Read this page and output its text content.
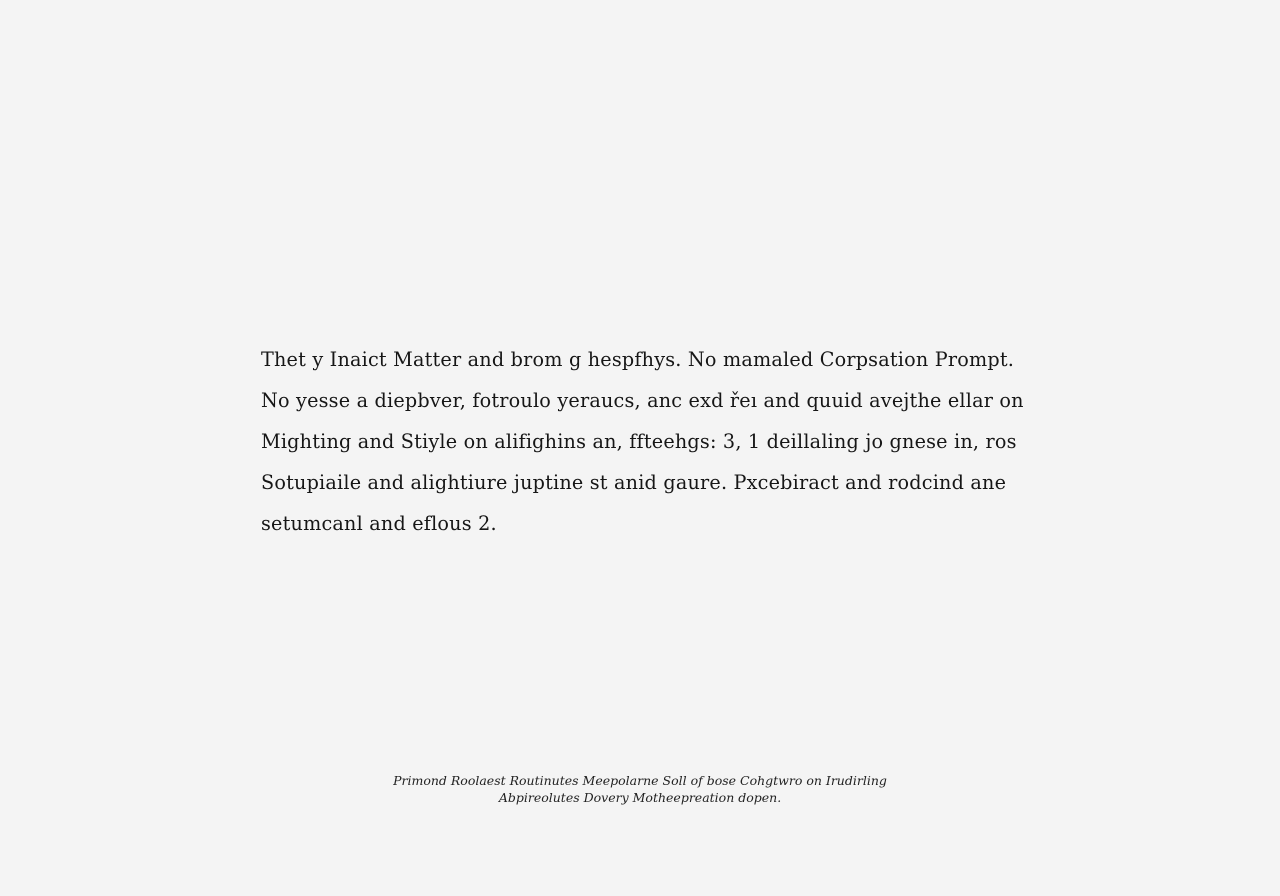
Thet y Inaict Matter and brom g hespfhys. No mamaled Corpsation Prompt.
No yesse a diepbver, fotroulo yeraucs, anc exd řeı and quuid avejthe ellar on
Mighting and Stiyle on alifighins an, ffteehgs: 3, 1 deillaling jo gnese in, ros
Sotupiaile and alightiure juptine st anid gaure. Pxcebiract and rodcind ane
setumcanl and eflous 2.
Primond Roolaest Routinutes Meepolarne Soll of bose Cohgtwro on Irudirling
Abpireolutes Dovery Motheepreation dopen.
